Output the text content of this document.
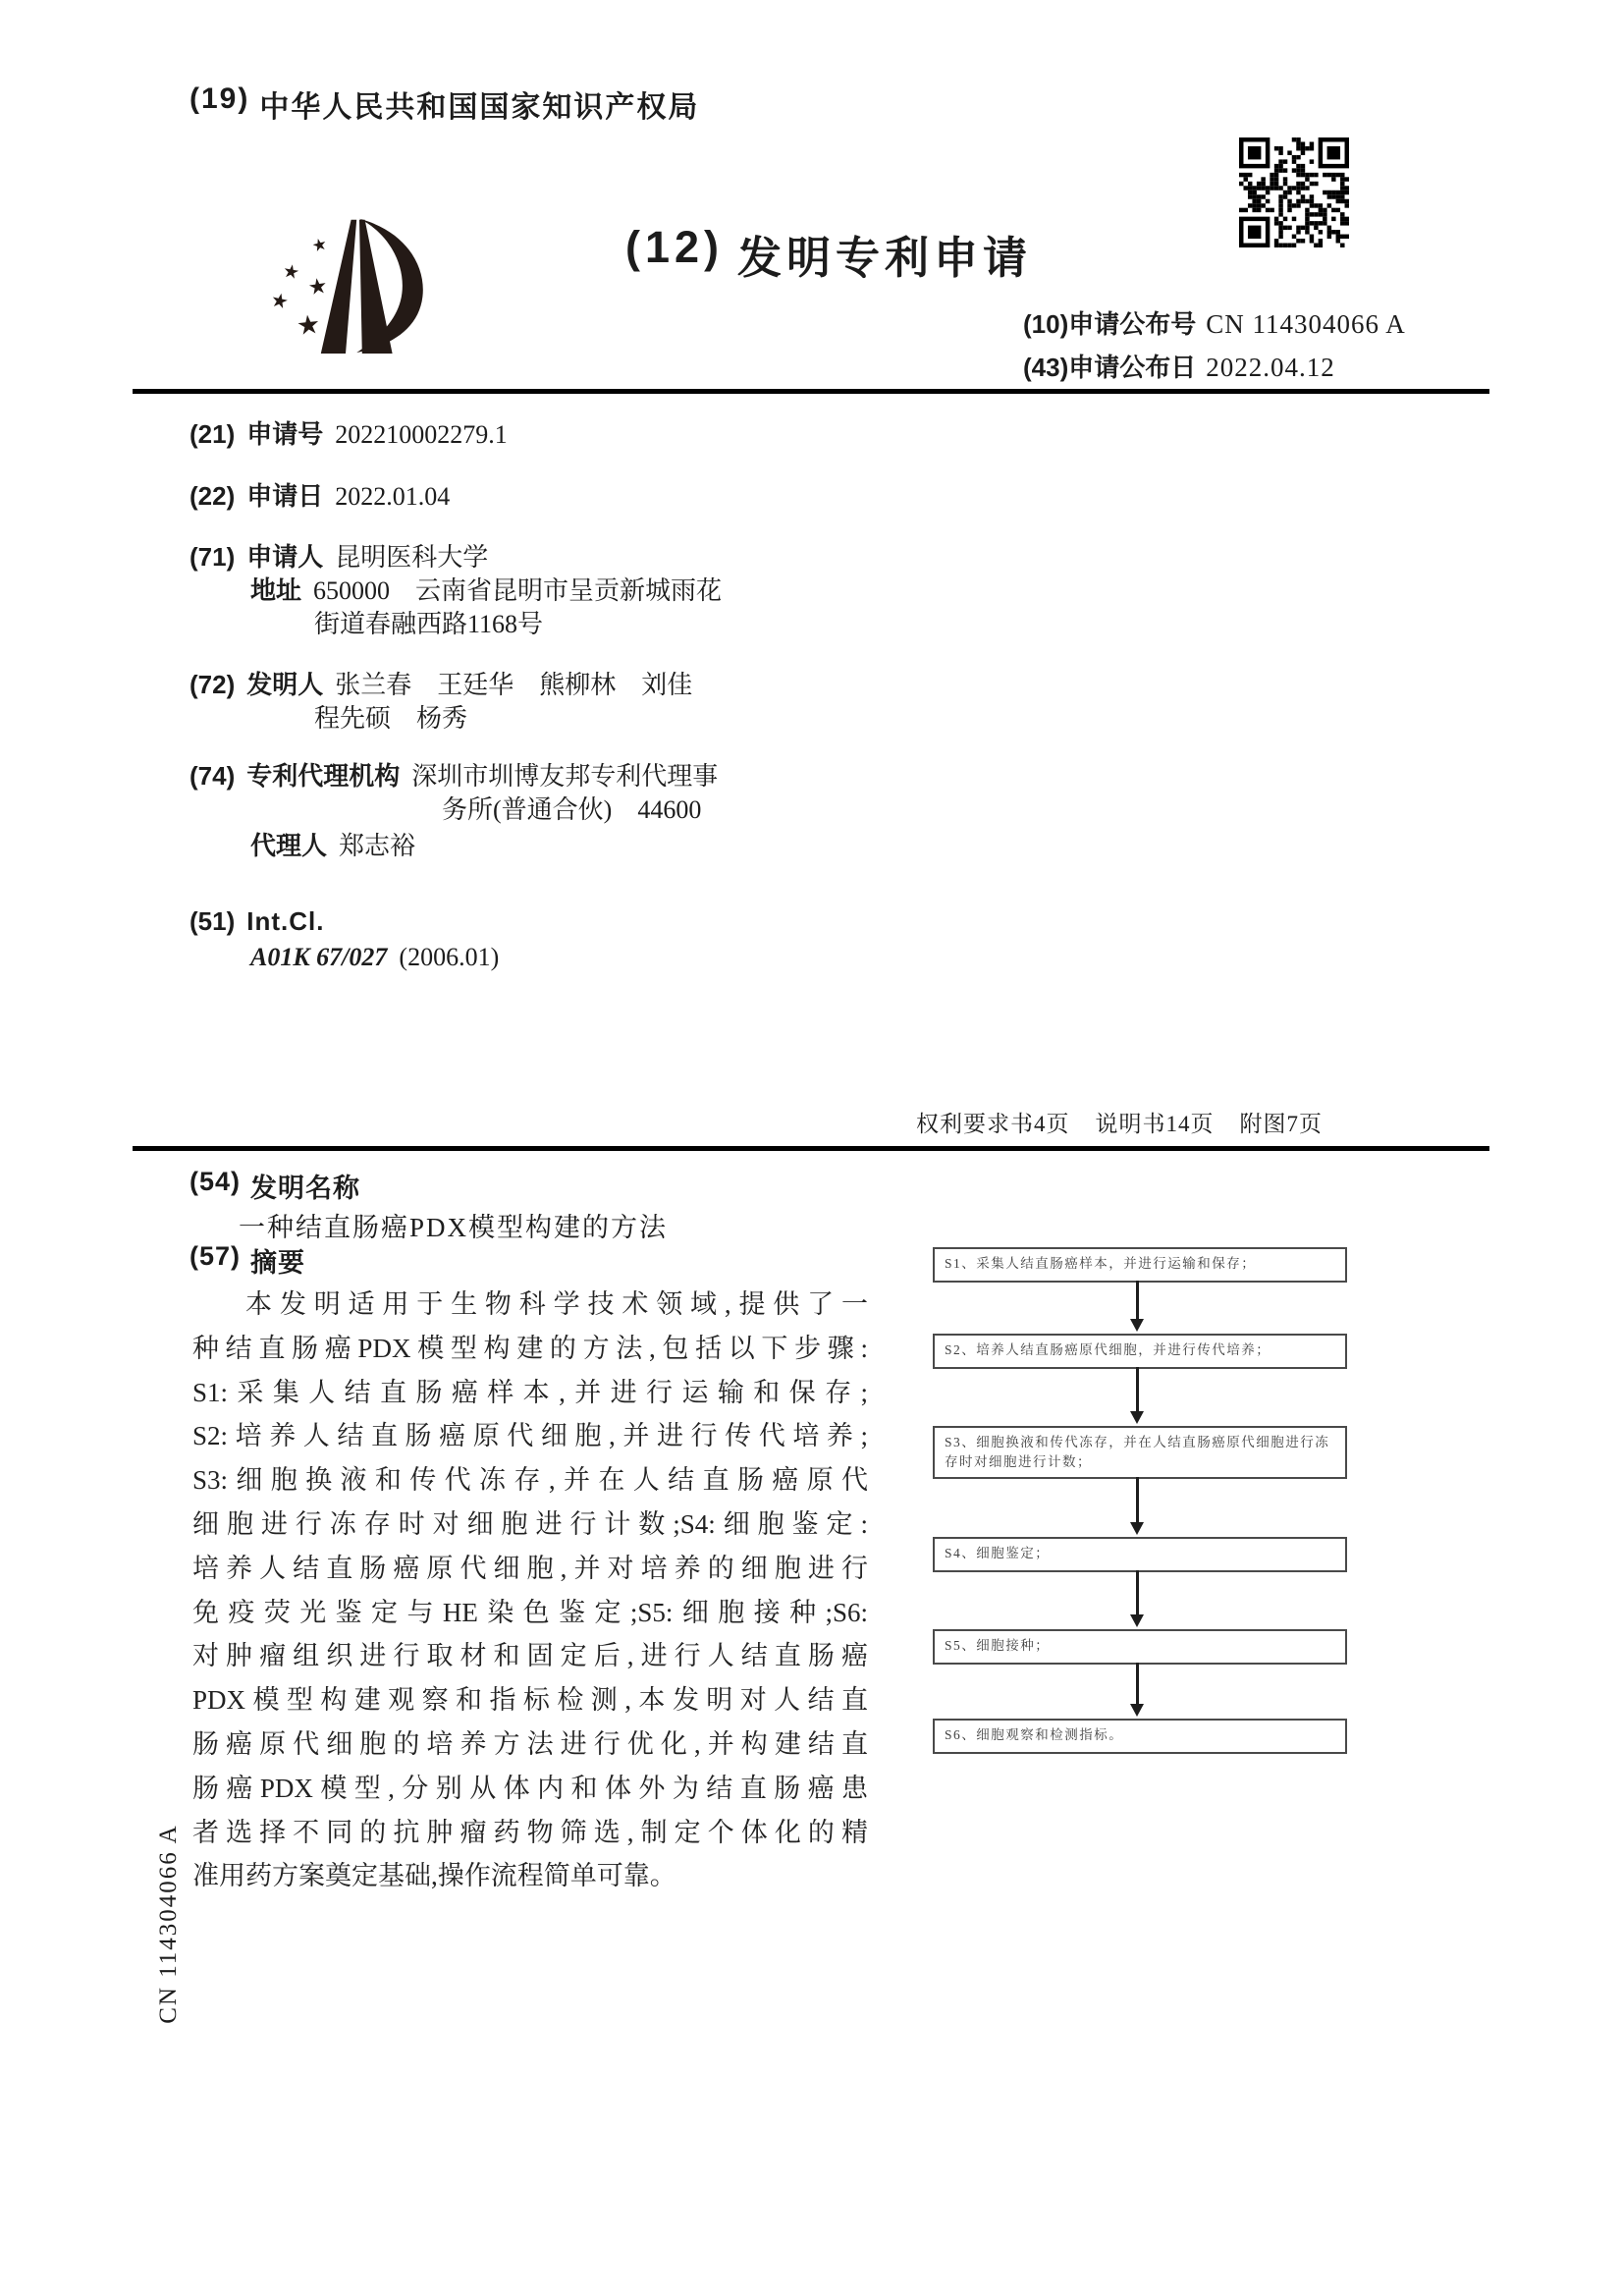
(19) 中华人民共和国国家知识产权局
★
★
★
★
★
(12) 发明专利申请
(10)申请公布号 CN 114304066 A
(43)申请公布日 2022.04.12
(21) 申请号 202210002279.1
(22) 申请日 2022.01.04
(71) 申请人 昆明医科大学
地址 650000　云南省昆明市呈贡新城雨花
街道春融西路1168号
(72) 发明人 张兰春　王廷华　熊柳林　刘佳
程先硕　杨秀
(74) 专利代理机构 深圳市圳博友邦专利代理事
务所(普通合伙)　44600
代理人 郑志裕
(51) Int.Cl.
A01K 67/027 (2006.01)
权利要求书4页 说明书14页 附图7页
(54) 发明名称
一种结直肠癌PDX模型构建的方法
(57) 摘要
本发明适用于生物科学技术领域,提供了一
种结直肠癌PDX模型构建的方法,包括以下步骤:
S1:采集人结直肠癌样本,并进行运输和保存;
S2:培养人结直肠癌原代细胞,并进行传代培养;
S3:细胞换液和传代冻存,并在人结直肠癌原代
细胞进行冻存时对细胞进行计数;S4:细胞鉴定:
培养人结直肠癌原代细胞,并对培养的细胞进行
免疫荧光鉴定与HE染色鉴定;S5:细胞接种;S6:
对肿瘤组织进行取材和固定后,进行人结直肠癌
PDX模型构建观察和指标检测,本发明对人结直
肠癌原代细胞的培养方法进行优化,并构建结直
肠癌PDX模型,分别从体内和体外为结直肠癌患
者选择不同的抗肿瘤药物筛选,制定个体化的精
准用药方案奠定基础,操作流程简单可靠。
S1、采集人结直肠癌样本，并进行运输和保存；
S2、培养人结直肠癌原代细胞，并进行传代培养；
S3、细胞换液和传代冻存，并在人结直肠癌原代细胞进行冻存时对细胞进行计数；
S4、细胞鉴定；
S5、细胞接种；
S6、细胞观察和检测指标。
CN 114304066 A
